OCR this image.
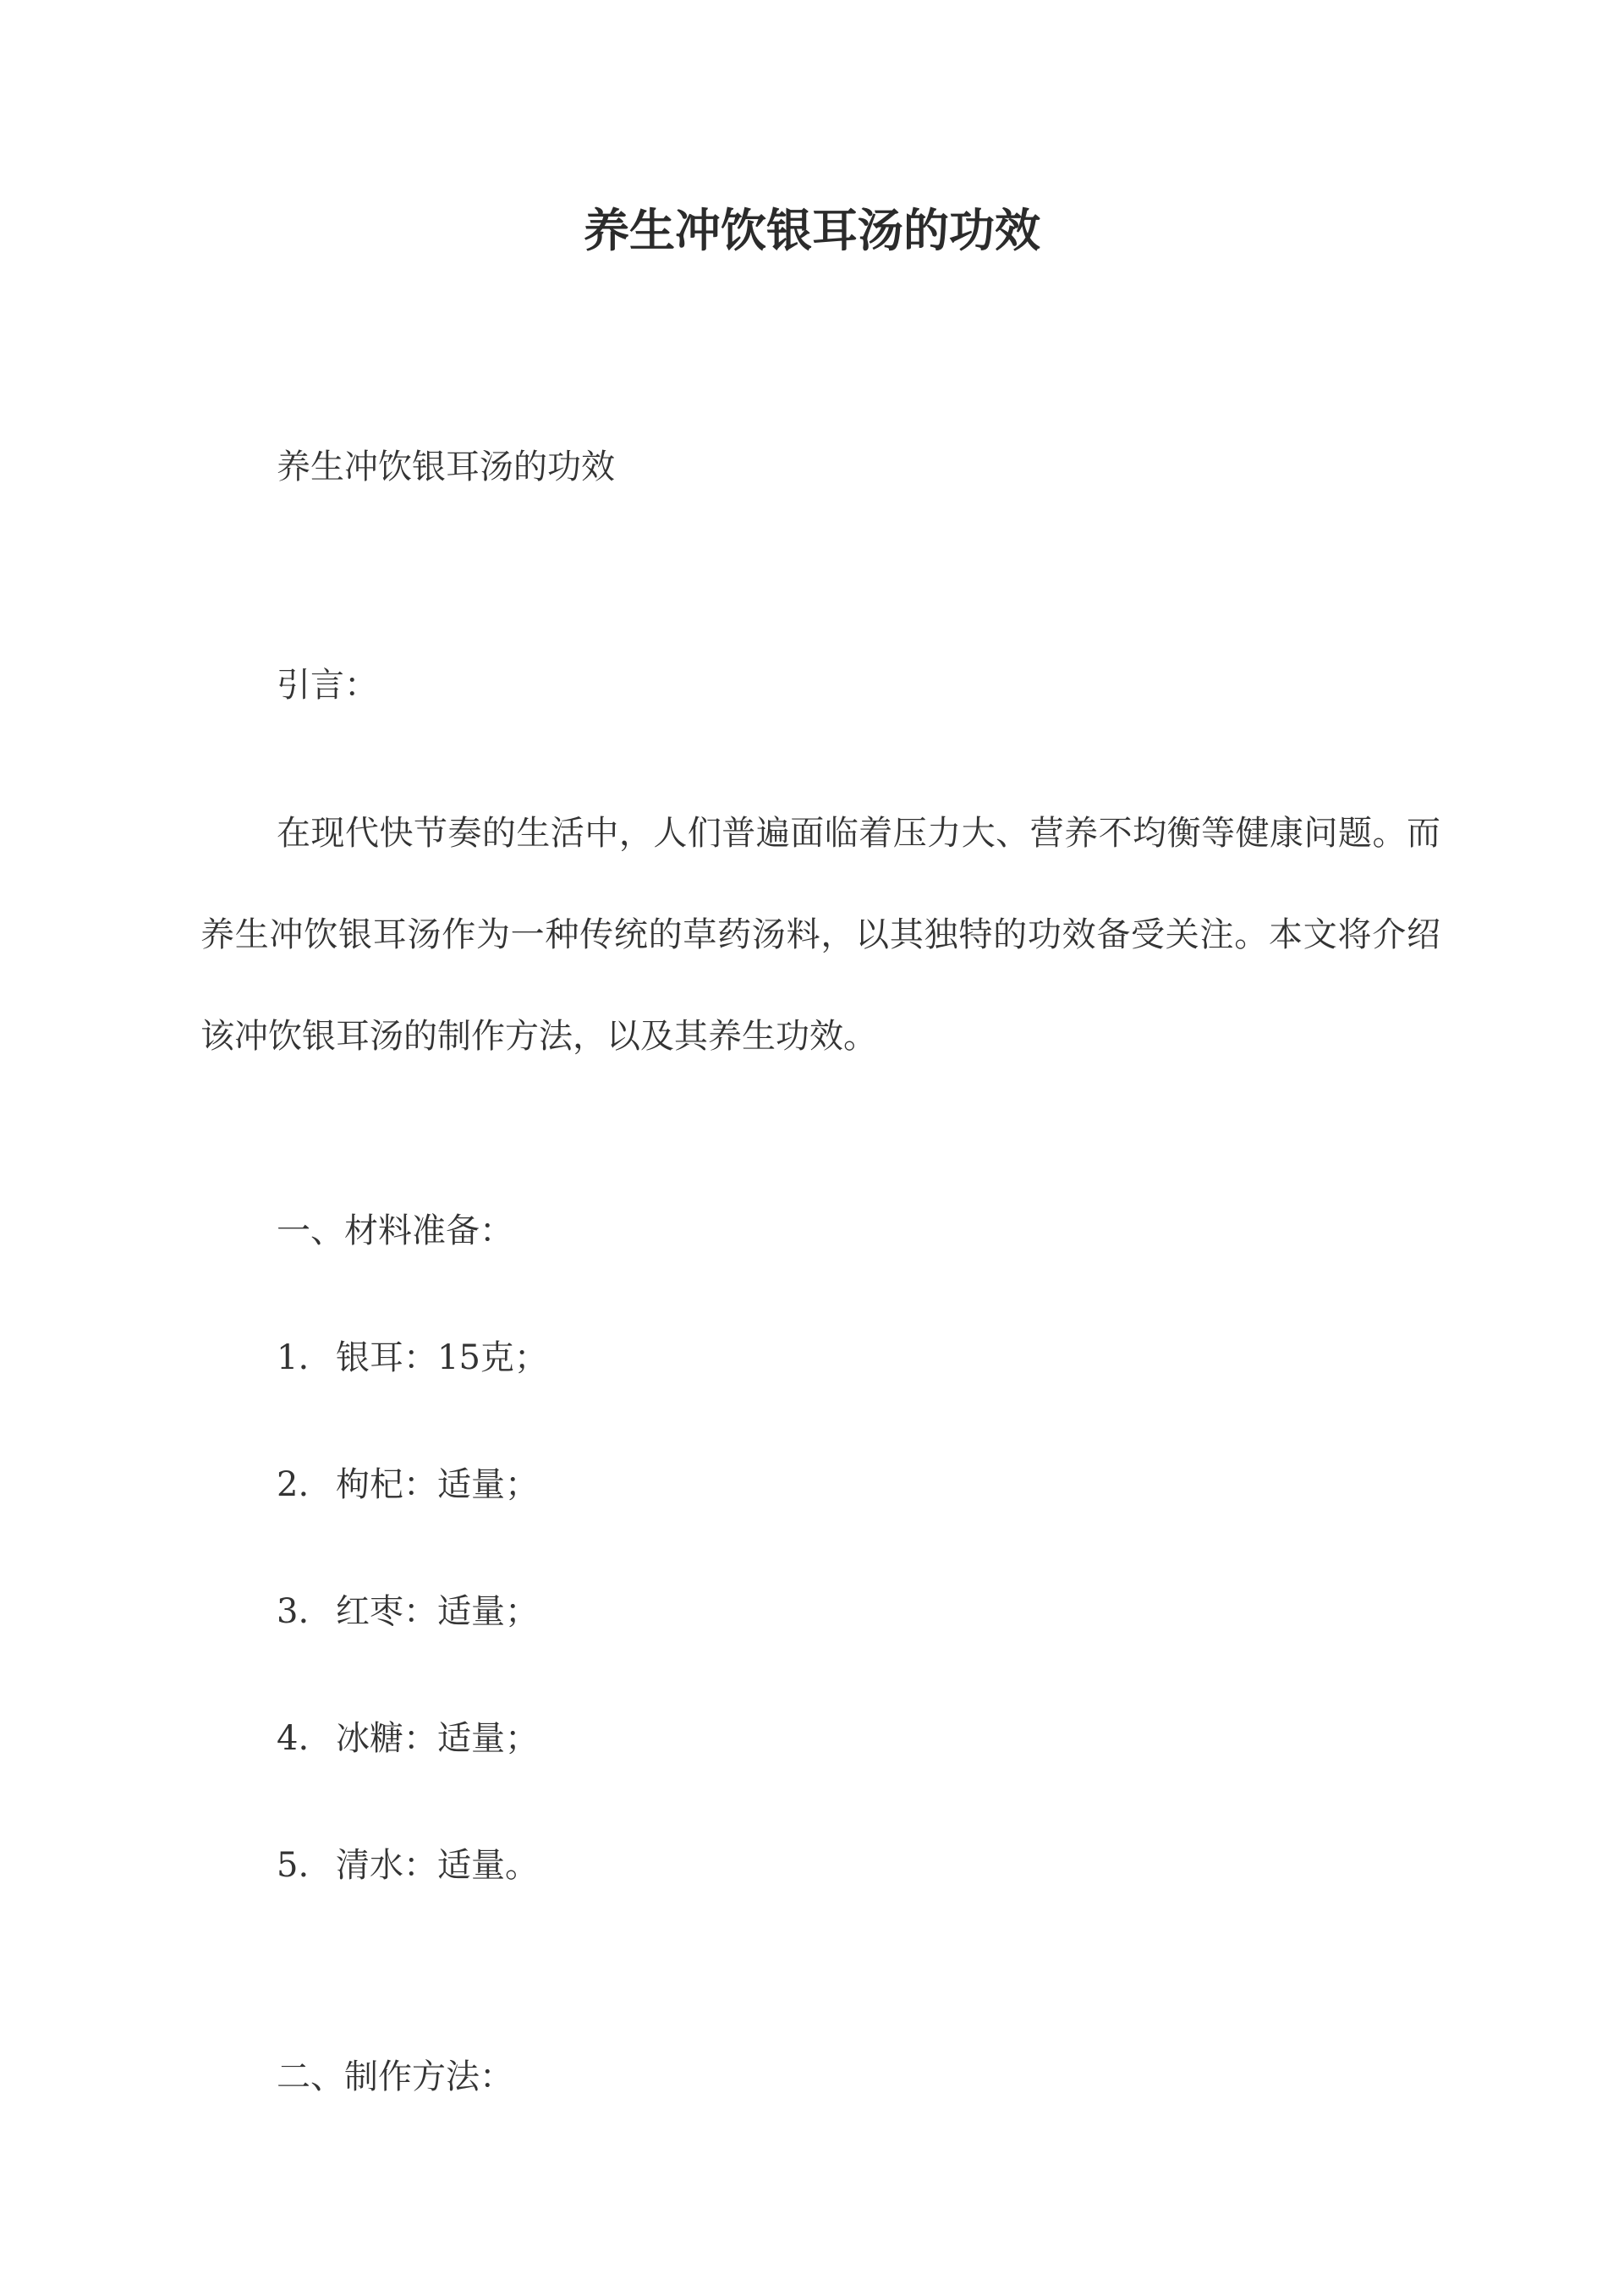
养生冲饮银耳汤的功效
养生冲饮银耳汤的功效
引言：

在现代快节奏的生活中，人们普遍面临着压力大、营养不均衡等健康问题。而养生冲饮银耳汤作为一种传统的草药汤料，以其独特的功效备受关注。本文将介绍该冲饮银耳汤的制作方法，以及其养生功效。

一、材料准备：
1. 银耳：15克；
2. 枸杞：适量；
3. 红枣：适量；
4. 冰糖：适量；
5. 清水：适量。
二、制作方法：
